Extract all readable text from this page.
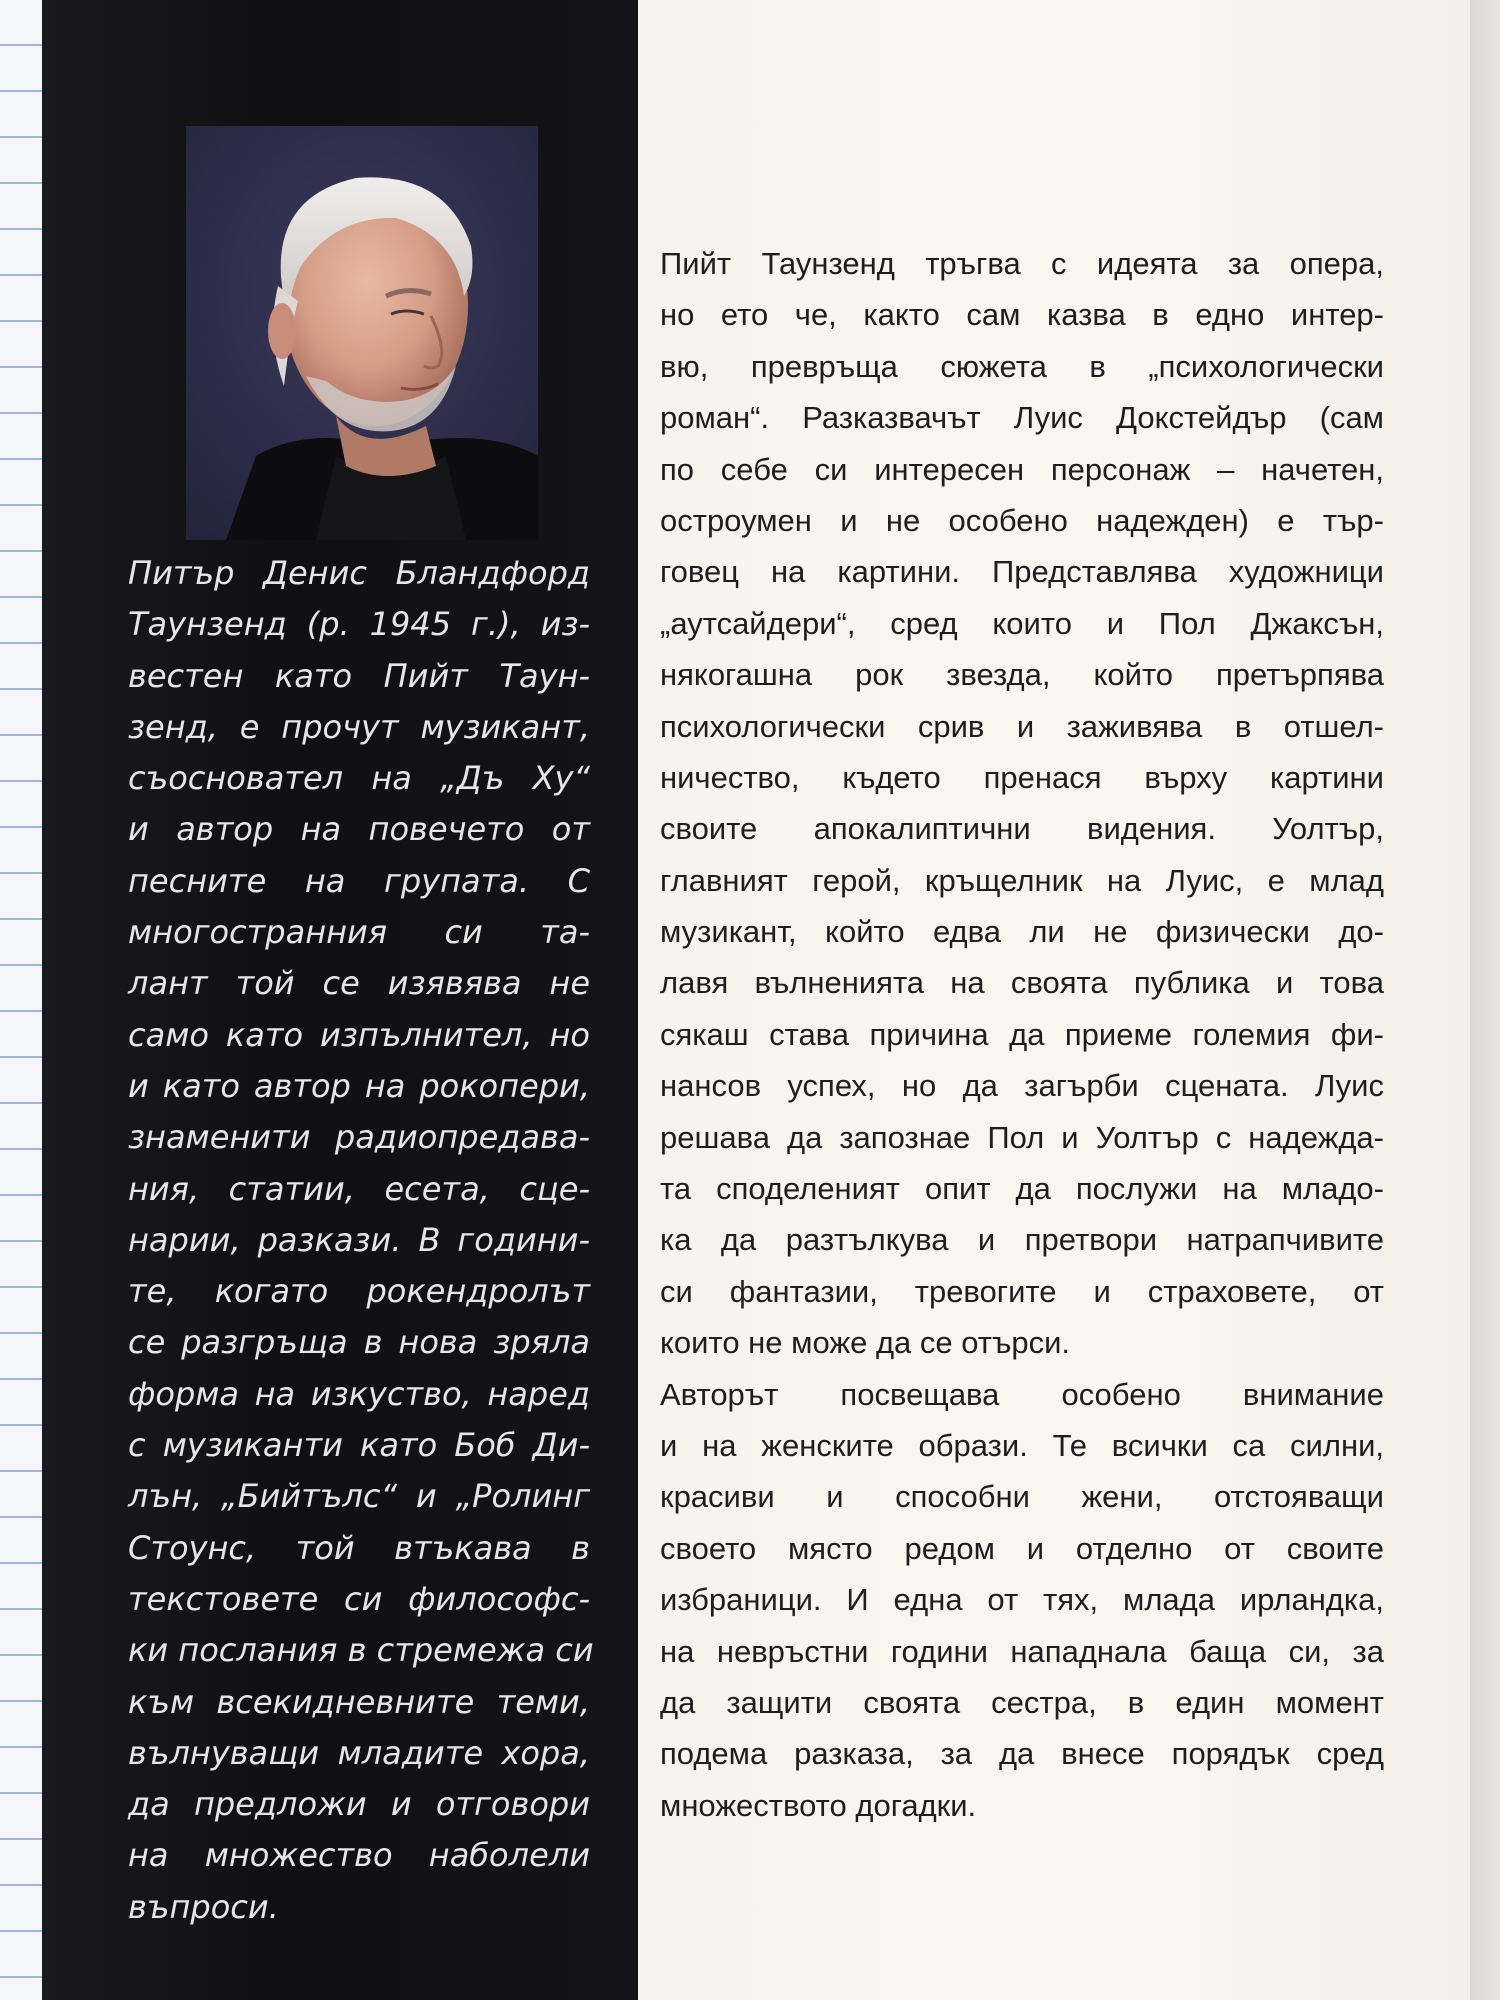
Питър Денис Бландфорд
Таунзенд (р. 1945 г.), из-
вестен като Пийт Таун-
зенд, е прочут музикант,
съосновател на „Дъ Ху“
и автор на повечето от
песните на групата. С
многостранния си та-
лант той се изявява не
само като изпълнител, но
и като автор на рокопери,
знаменити радиопредава-
ния, статии, есета, сце-
нарии, разкази. В години-
те, когато рокендролът
се разгръща в нова зряла
форма на изкуство, наред
с музиканти като Боб Ди-
лън, „Бийтълс“ и „Ролинг
Стоунс, той втъкава в
текстовете си философс-
ки послания в стремежа си
към всекидневните теми,
вълнуващи младите хора,
да предложи и отговори
на множество наболели
въпроси.
Пийт Таунзенд тръгва с идеята за опера,
но ето че, както сам казва в едно интер-
вю, превръща сюжета в „психологически
роман“. Разказвачът Луис Докстейдър (сам
по себе си интересен персонаж – начетен,
остроумен и не особено надежден) е тър-
говец на картини. Представлява художници
„аутсайдери“, сред които и Пол Джаксън,
някогашна рок звезда, който претърпява
психологически срив и заживява в отшел-
ничество, където пренася върху картини
своите апокалиптични видения. Уолтър,
главният герой, кръщелник на Луис, е млад
музикант, който едва ли не физически до-
лавя вълненията на своята публика и това
сякаш става причина да приеме големия фи-
нансов успех, но да загърби сцената. Луис
решава да запознае Пол и Уолтър с надежда-
та споделеният опит да послужи на младо-
ка да разтълкува и претвори натрапчивите
си фантазии, тревогите и страховете, от
които не може да се отърси.
Авторът посвещава особено внимание
и на женските образи. Те всички са силни,
красиви и способни жени, отстояващи
своето място редом и отделно от своите
избраници. И една от тях, млада ирландка,
на невръстни години нападнала баща си, за
да защити своята сестра, в един момент
подема разказа, за да внесе порядък сред
множеството догадки.
